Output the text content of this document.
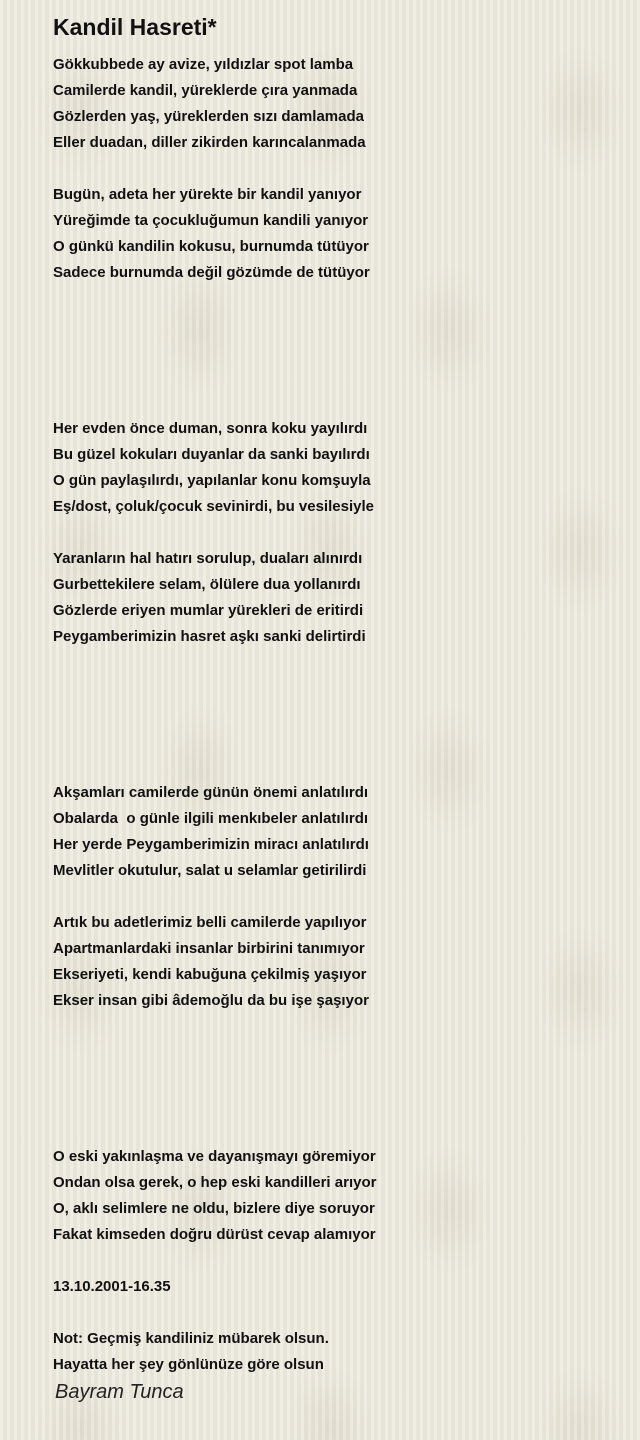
Kandil Hasreti*
Gökkubbede ay avize, yıldızlar spot lamba
Camilerde kandil, yüreklerde çıra yanmada
Gözlerden yaş, yüreklerden sızı damlamada
Eller duadan, diller zikirden karıncalanmada
Bugün, adeta her yürekte bir kandil yanıyor
Yüreğimde ta çocukluğumun kandili yanıyor
O günkü kandilin kokusu, burnumda tütüyor
Sadece burnumda değil gözümde de tütüyor
Her evden önce duman, sonra koku yayılırdı
Bu güzel kokuları duyanlar da sanki bayılırdı
O gün paylaşılırdı, yapılanlar konu komşuyla
Eş/dost, çoluk/çocuk sevinirdi, bu vesilesiyle
Yaranların hal hatırı sorulup, duaları alınırdı
Gurbettekilere selam, ölülere dua yollanırdı
Gözlerde eriyen mumlar yürekleri de eritirdi
Peygamberimizin hasret aşkı sanki delirtirdi
Akşamları camilerde günün önemi anlatılırdı
Obalarda  o günle ilgili menkıbeler anlatılırdı
Her yerde Peygamberimizin miracı anlatılırdı
Mevlitler okutulur, salat u selamlar getirilirdi
Artık bu adetlerimiz belli camilerde yapılıyor
Apartmanlardaki insanlar birbirini tanımıyor
Ekseriyeti, kendi kabuğuna çekilmiş yaşıyor
Ekser insan gibi âdemoğlu da bu işe şaşıyor
O eski yakınlaşma ve dayanışmayı göremiyor
Ondan olsa gerek, o hep eski kandilleri arıyor
O, aklı selimlere ne oldu, bizlere diye soruyor
Fakat kimseden doğru dürüst cevap alamıyor
13.10.2001-16.35
Not: Geçmiş kandiliniz mübarek olsun.
Hayatta her şey gönlünüze göre olsun
Bayram Tunca
